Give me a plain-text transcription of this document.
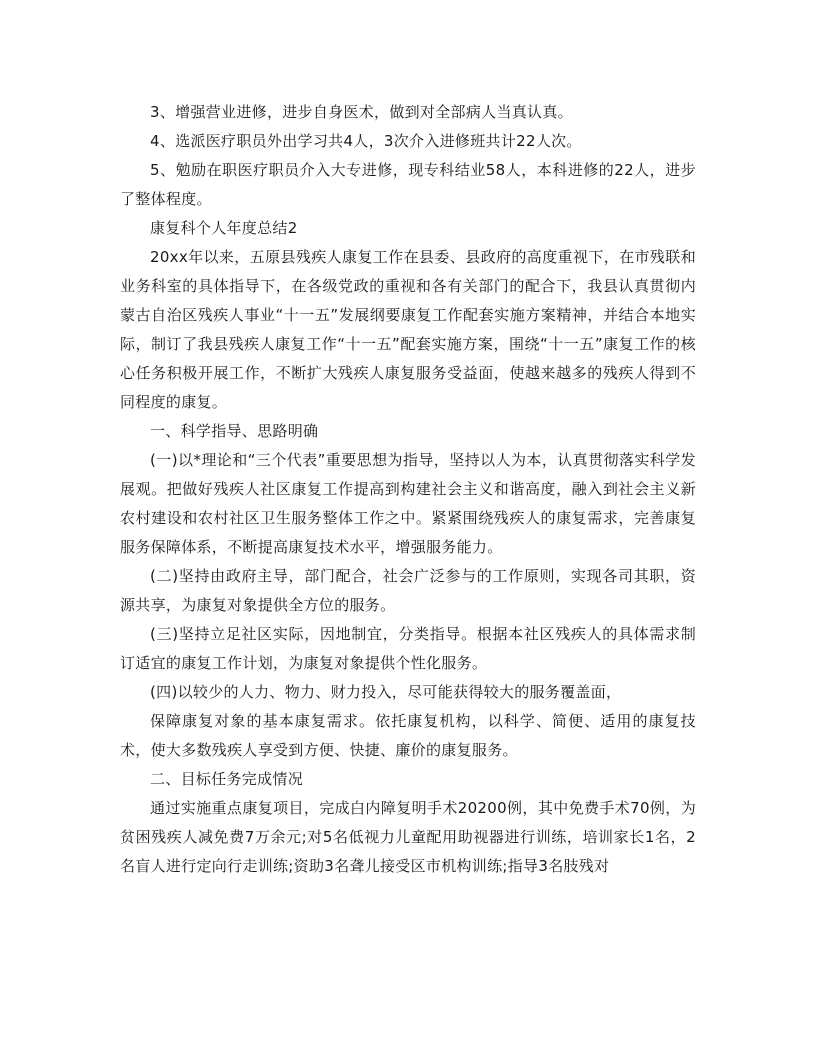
3、增强营业进修，进步自身医术，做到对全部病人当真认真。

4、选派医疗职员外出学习共4人，3次介入进修班共计22人次。

5、勉励在职医疗职员介入大专进修，现专科结业58人，本科进修的22人，进步了整体程度。

康复科个人年度总结2

20xx年以来，五原县残疾人康复工作在县委、县政府的高度重视下，在市残联和业务科室的具体指导下，在各级党政的重视和各有关部门的配合下，我县认真贯彻内蒙古自治区残疾人事业“十一五”发展纲要康复工作配套实施方案精神，并结合本地实际，制订了我县残疾人康复工作“十一五”配套实施方案，围绕“十一五”康复工作的核心任务积极开展工作，不断扩大残疾人康复服务受益面，使越来越多的残疾人得到不同程度的康复。

一、科学指导、思路明确

(一)以*理论和“三个代表”重要思想为指导，坚持以人为本，认真贯彻落实科学发展观。把做好残疾人社区康复工作提高到构建社会主义和谐高度，融入到社会主义新农村建设和农村社区卫生服务整体工作之中。紧紧围绕残疾人的康复需求，完善康复服务保障体系，不断提高康复技术水平，增强服务能力。

(二)坚持由政府主导，部门配合，社会广泛参与的工作原则，实现各司其职，资源共享，为康复对象提供全方位的服务。

(三)坚持立足社区实际，因地制宜，分类指导。根据本社区残疾人的具体需求制订适宜的康复工作计划，为康复对象提供个性化服务。

(四)以较少的人力、物力、财力投入，尽可能获得较大的服务覆盖面，

保障康复对象的基本康复需求。依托康复机构，以科学、简便、适用的康复技术，使大多数残疾人享受到方便、快捷、廉价的康复服务。

二、目标任务完成情况

通过实施重点康复项目，完成白内障复明手术20200例，其中免费手术70例，为贫困残疾人减免费7万余元;对5名低视力儿童配用助视器进行训练，培训家长1名，2名盲人进行定向行走训练;资助3名聋儿接受区市机构训练;指导3名肢残对
